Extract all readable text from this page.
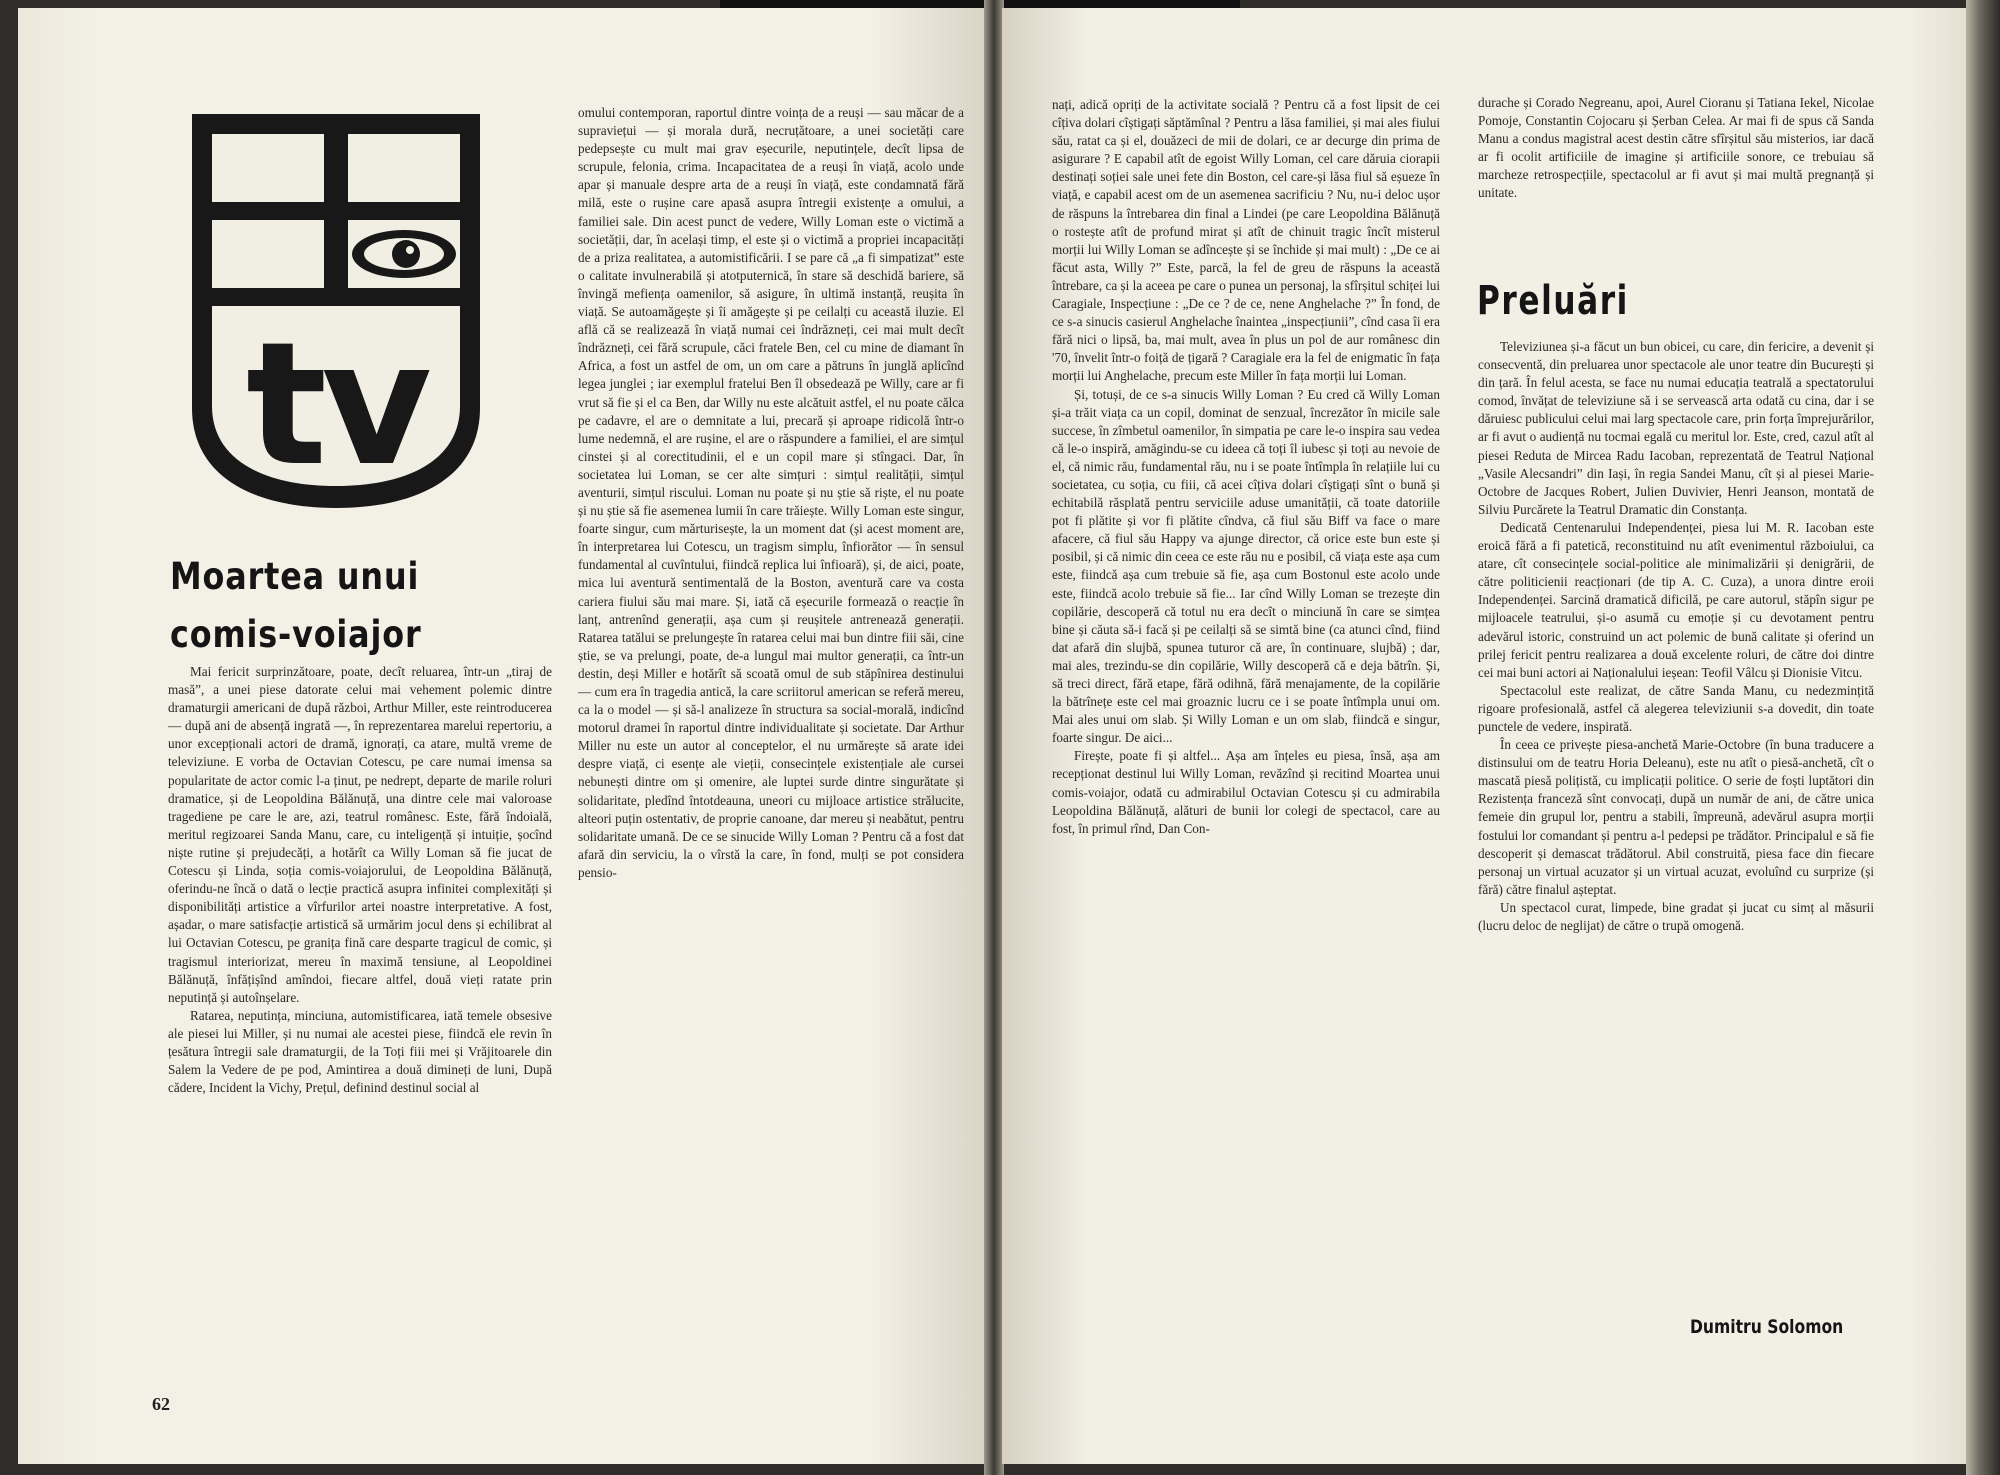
tv
Moartea unui
comis-voiajor

Mai fericit surprinzătoare, poate, decît reluarea, într-un „tiraj de masă”, a unei piese datorate celui mai vehement polemic dintre dramaturgii americani de după război, Arthur Miller, este reintroducerea — după ani de absență ingrată —, în reprezentarea marelui repertoriu, a unor excepționali actori de dramă, ignorați, ca atare, multă vreme de televiziune. E vorba de Octavian Cotescu, pe care numai imensa sa popularitate de actor comic l-a ținut, pe nedrept, departe de marile roluri dramatice, și de Leopoldina Bălănuță, una dintre cele mai valoroase tragediene pe care le are, azi, teatrul românesc. Este, fără îndoială, meritul regizoarei Sanda Manu, care, cu inteligență și intuiție, șocînd niște rutine și prejudecăți, a hotărît ca Willy Loman să fie jucat de Cotescu și Linda, soția comis-voiajorului, de Leopoldina Bălănuță, oferindu-ne încă o dată o lecție practică asupra infinitei complexități și disponibilități artistice a vîrfurilor artei noastre interpretative. A fost, așadar, o mare satisfacție artistică să urmărim jocul dens și echilibrat al lui Octavian Cotescu, pe granița fină care desparte tragicul de comic, și tragismul interiorizat, mereu în maximă tensiune, al Leopoldinei Bălănuță, înfățișînd amîndoi, fiecare altfel, două vieți ratate prin neputință și autoînșelare.

Ratarea, neputința, minciuna, automistificarea, iată temele obsesive ale piesei lui Miller, și nu numai ale acestei piese, fiindcă ele revin în țesătura întregii sale dramaturgii, de la Toți fiii mei și Vrăjitoarele din Salem la Vedere de pe pod, Amintirea a două dimineți de luni, După cădere, Incident la Vichy, Prețul, definind destinul social al

omului contemporan, raportul dintre voința de a reuși — sau măcar de a supraviețui — și morala dură, necruțătoare, a unei societăți care pedepsește cu mult mai grav eșecurile, neputințele, decît lipsa de scrupule, felonia, crima. Incapacitatea de a reuși în viață, acolo unde apar și manuale despre arta de a reuși în viață, este condamnată fără milă, este o rușine care apasă asupra întregii existențe a omului, a familiei sale. Din acest punct de vedere, Willy Loman este o victimă a societății, dar, în același timp, el este și o victimă a propriei incapacități de a priza realitatea, a automistificării. I se pare că „a fi simpatizat” este o calitate invulnerabilă și atotputernică, în stare să deschidă bariere, să învingă mefiența oamenilor, să asigure, în ultimă instanță, reușita în viață. Se autoamăgește și îi amăgește și pe ceilalți cu această iluzie. El află că se realizează în viață numai cei îndrăzneți, cei mai mult decît îndrăzneți, cei fără scrupule, căci fratele Ben, cel cu mine de diamant în Africa, a fost un astfel de om, un om care a pătruns în junglă aplicînd legea junglei ; iar exemplul fratelui Ben îl obsedează pe Willy, care ar fi vrut să fie și el ca Ben, dar Willy nu este alcătuit astfel, el nu poate călca pe cadavre, el are o demnitate a lui, precară și aproape ridicolă într-o lume nedemnă, el are rușine, el are o răspundere a familiei, el are simțul cinstei și al corectitudinii, el e un copil mare și stîngaci. Dar, în societatea lui Loman, se cer alte simțuri : simțul realității, simțul aventurii, simțul riscului. Loman nu poate și nu știe să riște, el nu poate și nu știe să fie asemenea lumii în care trăiește. Willy Loman este singur, foarte singur, cum mărturisește, la un moment dat (și acest moment are, în interpretarea lui Cotescu, un tragism simplu, înfiorător — în sensul fundamental al cuvîntului, fiindcă replica lui înfioară), și, de aici, poate, mica lui aventură sentimentală de la Boston, aventură care va costa cariera fiului său mai mare. Și, iată că eșecurile formează o reacție în lanț, antrenînd generații, așa cum și reușitele antrenează generații. Ratarea tatălui se prelungește în ratarea celui mai bun dintre fiii săi, cine știe, se va prelungi, poate, de-a lungul mai multor generații, ca într-un destin, deși Miller e hotărît să scoată omul de sub stăpînirea destinului — cum era în tragedia antică, la care scriitorul american se referă mereu, ca la o model — și să-l analizeze în structura sa social-morală, indicînd motorul dramei în raportul dintre individualitate și societate. Dar Arthur Miller nu este un autor al conceptelor, el nu urmărește să arate idei despre viață, ci esențe ale vieții, consecințele existențiale ale cursei nebunești dintre om și omenire, ale luptei surde dintre singurătate și solidaritate, pledînd întotdeauna, uneori cu mijloace artistice strălucite, alteori puțin ostentativ, de proprie canoane, dar mereu și neabătut, pentru solidaritate umană. De ce se sinucide Willy Loman ? Pentru că a fost dat afară din serviciu, la o vîrstă la care, în fond, mulți se pot considera pensio-

62

nați, adică opriți de la activitate socială ? Pentru că a fost lipsit de cei cîțiva dolari cîștigați săptămînal ? Pentru a lăsa familiei, și mai ales fiului său, ratat ca și el, douăzeci de mii de dolari, ce ar decurge din prima de asigurare ? E capabil atît de egoist Willy Loman, cel care dăruia ciorapii destinați soției sale unei fete din Boston, cel care-și lăsa fiul să eșueze în viață, e capabil acest om de un asemenea sacrificiu ? Nu, nu-i deloc ușor de răspuns la întrebarea din final a Lindei (pe care Leopoldina Bălănuță o rostește atît de profund mirat și atît de chinuit tragic încît misterul morții lui Willy Loman se adîncește și se închide și mai mult) : „De ce ai făcut asta, Willy ?” Este, parcă, la fel de greu de răspuns la această întrebare, ca și la aceea pe care o punea un personaj, la sfîrșitul schiței lui Caragiale, Inspecțiune : „De ce ? de ce, nene Anghelache ?” În fond, de ce s-a sinucis casierul Anghelache înaintea „inspecțiunii”, cînd casa îi era fără nici o lipsă, ba, mai mult, avea în plus un pol de aur românesc din '70, învelit într-o foiță de țigară ? Caragiale era la fel de enigmatic în fața morții lui Anghelache, precum este Miller în fața morții lui Loman.

Și, totuși, de ce s-a sinucis Willy Loman ? Eu cred că Willy Loman și-a trăit viața ca un copil, dominat de senzual, încrezător în micile sale succese, în zîmbetul oamenilor, în simpatia pe care le-o inspira sau vedea că le-o inspiră, amăgindu-se cu ideea că toți îl iubesc și toți au nevoie de el, că nimic rău, fundamental rău, nu i se poate întîmpla în relațiile lui cu societatea, cu soția, cu fiii, că acei cîțiva dolari cîștigați sînt o bună și echitabilă răsplată pentru serviciile aduse umanității, că toate datoriile pot fi plătite și vor fi plătite cîndva, că fiul său Biff va face o mare afacere, că fiul său Happy va ajunge director, că orice este bun este și posibil, și că nimic din ceea ce este rău nu e posibil, că viața este așa cum este, fiindcă așa cum trebuie să fie, așa cum Bostonul este acolo unde este, fiindcă acolo trebuie să fie... Iar cînd Willy Loman se trezește din copilărie, descoperă că totul nu era decît o minciună în care se simțea bine și căuta să-i facă și pe ceilalți să se simtă bine (ca atunci cînd, fiind dat afară din slujbă, spunea tuturor că are, în continuare, slujbă) ; dar, mai ales, trezindu-se din copilărie, Willy descoperă că e deja bătrîn. Și, să treci direct, fără etape, fără odihnă, fără menajamente, de la copilărie la bătrînețe este cel mai groaznic lucru ce i se poate întîmpla unui om. Mai ales unui om slab. Și Willy Loman e un om slab, fiindcă e singur, foarte singur. De aici...

Firește, poate fi și altfel... Așa am înțeles eu piesa, însă, așa am recepționat destinul lui Willy Loman, revăzînd și recitind Moartea unui comis-voiajor, odată cu admirabilul Octavian Cotescu și cu admirabila Leopoldina Bălănuță, alături de bunii lor colegi de spectacol, care au fost, în primul rînd, Dan Con-

durache și Corado Negreanu, apoi, Aurel Cioranu și Tatiana Iekel, Nicolae Pomoje, Constantin Cojocaru și Șerban Celea. Ar mai fi de spus că Sanda Manu a condus magistral acest destin către sfîrșitul său misterios, iar dacă ar fi ocolit artificiile de imagine și artificiile sonore, ce trebuiau să marcheze retrospecțiile, spectacolul ar fi avut și mai multă pregnanță și unitate.

Preluări

Televiziunea și-a făcut un bun obicei, cu care, din fericire, a devenit și consecventă, din preluarea unor spectacole ale unor teatre din București și din țară. În felul acesta, se face nu numai educația teatrală a spectatorului comod, învățat de televiziune să i se servească arta odată cu cina, dar i se dăruiesc publicului celui mai larg spectacole care, prin forța împrejurărilor, ar fi avut o audiență nu tocmai egală cu meritul lor. Este, cred, cazul atît al piesei Reduta de Mircea Radu Iacoban, reprezentată de Teatrul Național „Vasile Alecsandri” din Iași, în regia Sandei Manu, cît și al piesei Marie-Octobre de Jacques Robert, Julien Duvivier, Henri Jeanson, montată de Silviu Purcărete la Teatrul Dramatic din Constanța.

Dedicată Centenarului Independenței, piesa lui M. R. Iacoban este eroică fără a fi patetică, reconstituind nu atît evenimentul războiului, ca atare, cît consecințele social-politice ale minimalizării și denigrării, de către politicienii reacționari (de tip A. C. Cuza), a unora dintre eroii Independenței. Sarcină dramatică dificilă, pe care autorul, stăpîn sigur pe mijloacele teatrului, și-o asumă cu emoție și cu devotament pentru adevărul istoric, construind un act polemic de bună calitate și oferind un prilej fericit pentru realizarea a două excelente roluri, de către doi dintre cei mai buni actori ai Naționalului ieșean: Teofil Vâlcu și Dionisie Vitcu.

Spectacolul este realizat, de către Sanda Manu, cu nedezmințită rigoare profesională, astfel că alegerea televiziunii s-a dovedit, din toate punctele de vedere, inspirată.

În ceea ce privește piesa-anchetă Marie-Octobre (în buna traducere a distinsului om de teatru Horia Deleanu), este nu atît o piesă-anchetă, cît o mascată piesă polițistă, cu implicații politice. O serie de foști luptători din Rezistența franceză sînt convocați, după un număr de ani, de către unica femeie din grupul lor, pentru a stabili, împreună, adevărul asupra morții fostului lor comandant și pentru a-l pedepsi pe trădător. Principalul e să fie descoperit și demascat trădătorul. Abil construită, piesa face din fiecare personaj un virtual acuzator și un virtual acuzat, evoluînd cu surprize (și fără) către finalul așteptat.

Un spectacol curat, limpede, bine gradat și jucat cu simț al măsurii (lucru deloc de neglijat) de către o trupă omogenă.

Dumitru Solomon
